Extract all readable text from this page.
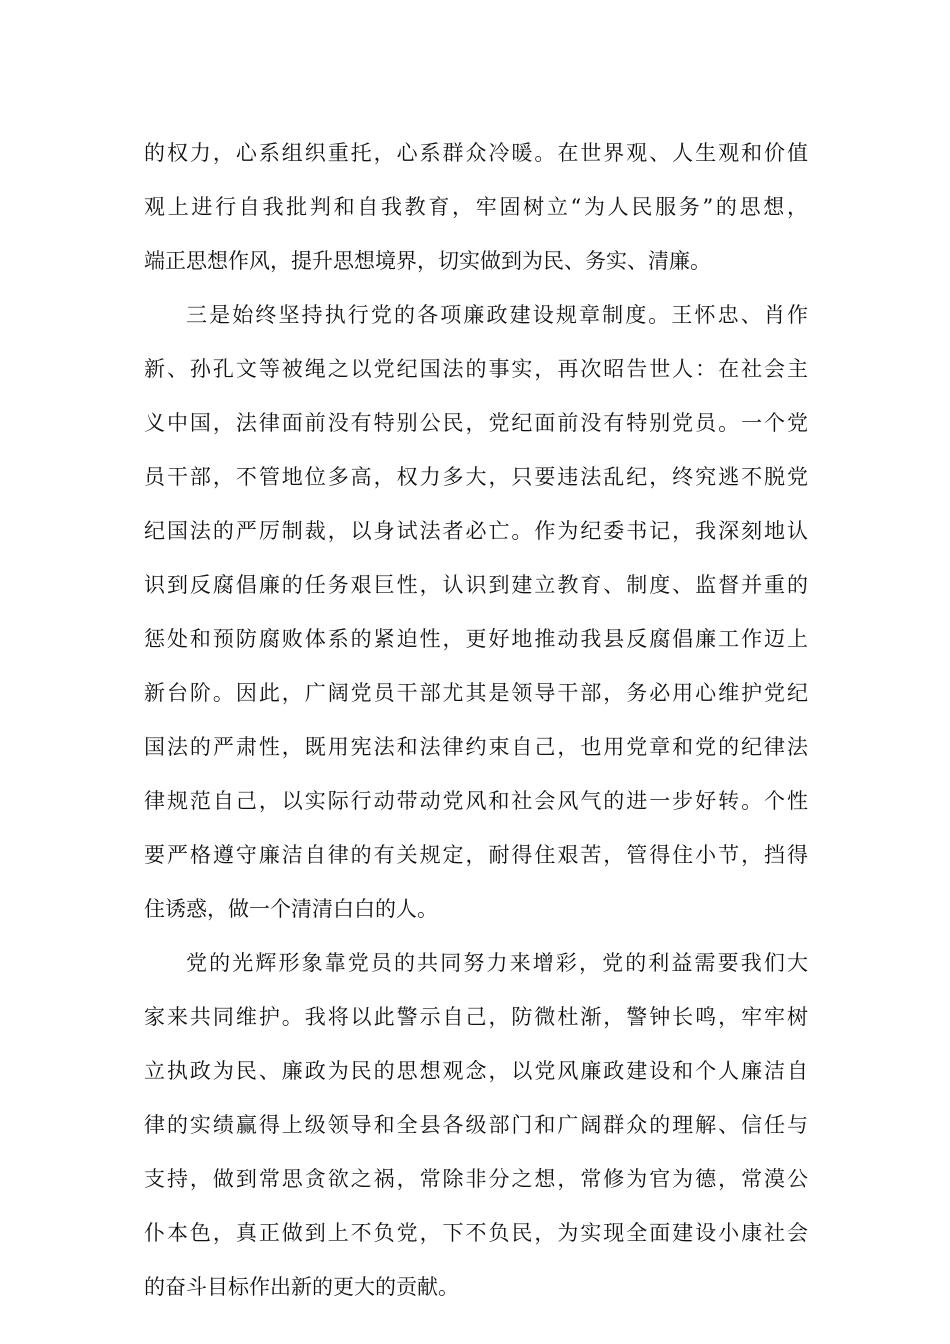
的权力，心系组织重托，心系群众冷暖。在世界观、人生观和价值
观上进行自我批判和自我教育，牢固树立“为人民服务”的思想，
端正思想作风，提升思想境界，切实做到为民、务实、清廉。
三是始终坚持执行党的各项廉政建设规章制度。王怀忠、肖作
新、孙孔文等被绳之以党纪国法的事实，再次昭告世人：在社会主
义中国，法律面前没有特别公民，党纪面前没有特别党员。一个党
员干部，不管地位多高，权力多大，只要违法乱纪，终究逃不脱党
纪国法的严厉制裁，以身试法者必亡。作为纪委书记，我深刻地认
识到反腐倡廉的任务艰巨性，认识到建立教育、制度、监督并重的
惩处和预防腐败体系的紧迫性，更好地推动我县反腐倡廉工作迈上
新台阶。因此，广阔党员干部尤其是领导干部，务必用心维护党纪
国法的严肃性，既用宪法和法律约束自己，也用党章和党的纪律法
律规范自己，以实际行动带动党风和社会风气的进一步好转。个性
要严格遵守廉洁自律的有关规定，耐得住艰苦，管得住小节，挡得
住诱惑，做一个清清白白的人。
党的光辉形象靠党员的共同努力来增彩，党的利益需要我们大
家来共同维护。我将以此警示自己，防微杜渐，警钟长鸣，牢牢树
立执政为民、廉政为民的思想观念，以党风廉政建设和个人廉洁自
律的实绩赢得上级领导和全县各级部门和广阔群众的理解、信任与
支持，做到常思贪欲之祸，常除非分之想，常修为官为德，常漠公
仆本色，真正做到上不负党，下不负民，为实现全面建设小康社会
的奋斗目标作出新的更大的贡献。
